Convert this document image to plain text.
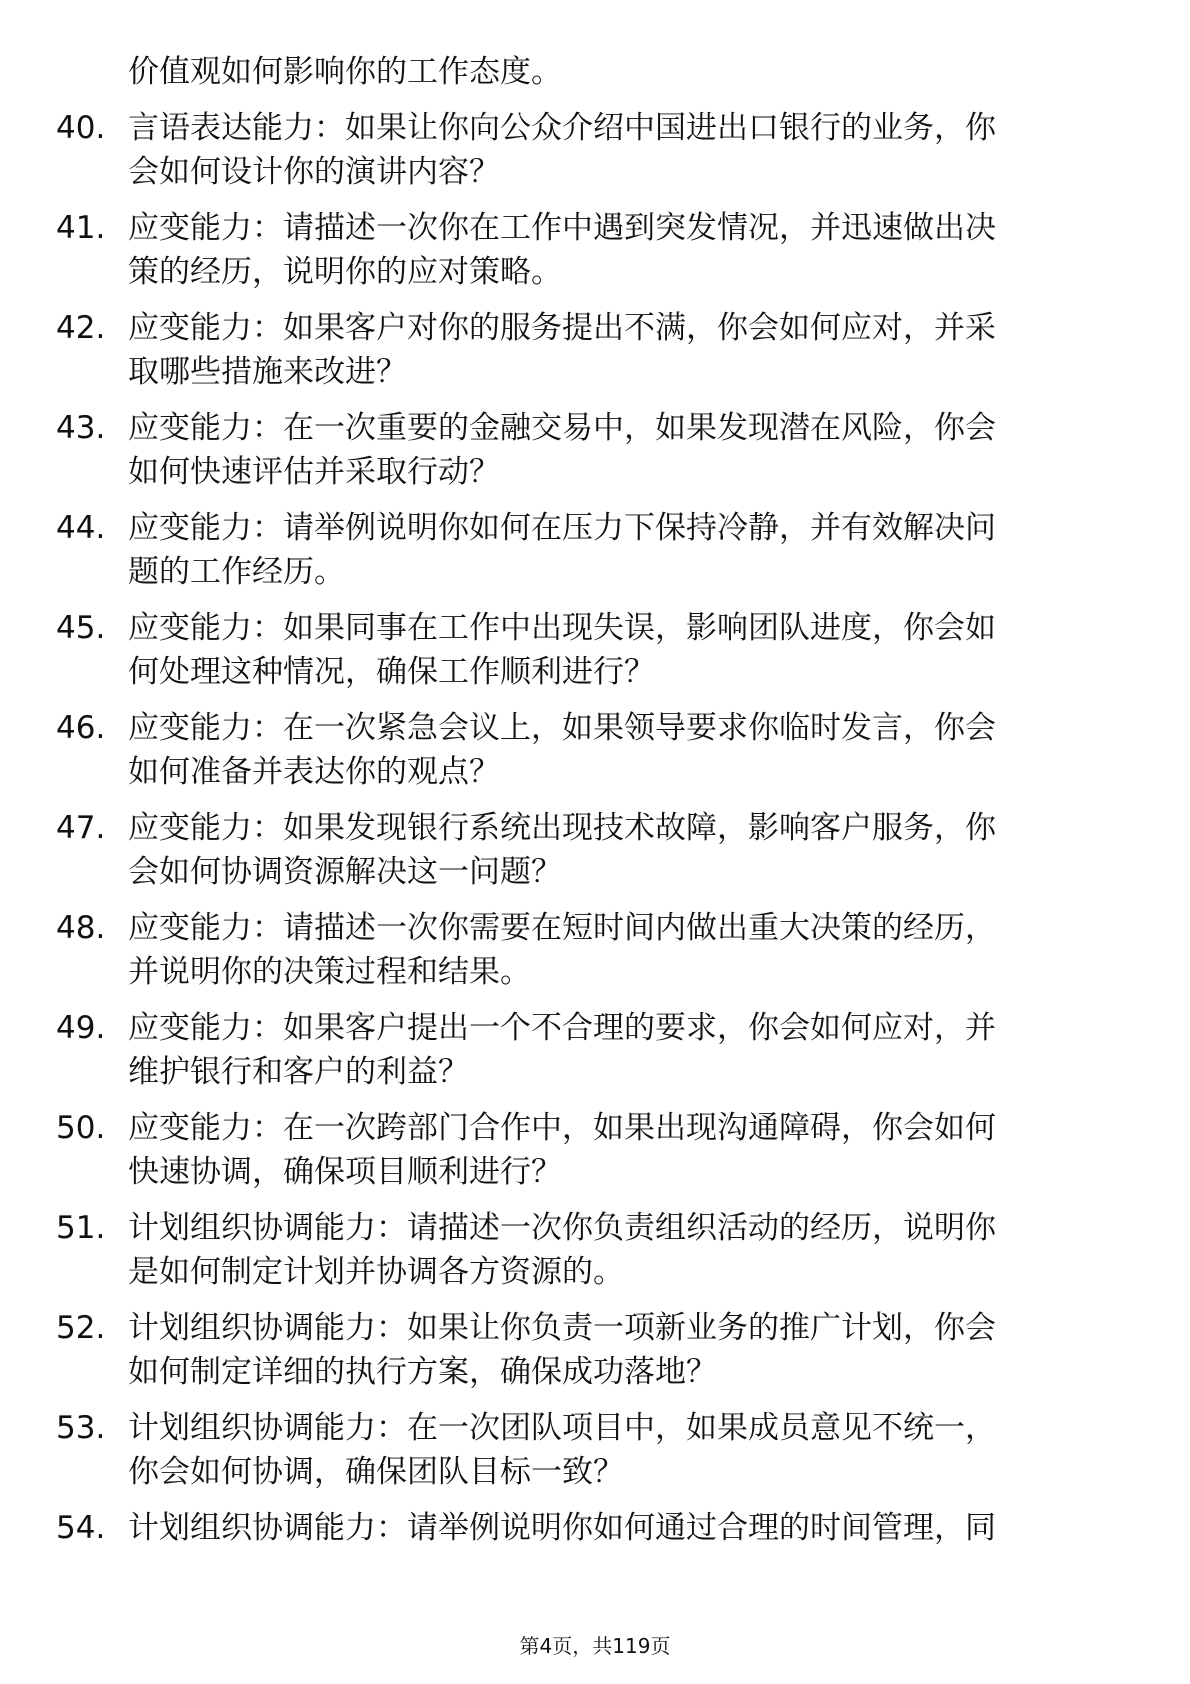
价值观如何影响你的工作态度。
40. 言语表达能力：如果让你向公众介绍中国进出口银行的业务，你
会如何设计你的演讲内容？
41. 应变能力：请描述一次你在工作中遇到突发情况，并迅速做出决
策的经历，说明你的应对策略。
42. 应变能力：如果客户对你的服务提出不满，你会如何应对，并采
取哪些措施来改进？
43. 应变能力：在一次重要的金融交易中，如果发现潜在风险，你会
如何快速评估并采取行动？
44. 应变能力：请举例说明你如何在压力下保持冷静，并有效解决问
题的工作经历。
45. 应变能力：如果同事在工作中出现失误，影响团队进度，你会如
何处理这种情况，确保工作顺利进行？
46. 应变能力：在一次紧急会议上，如果领导要求你临时发言，你会
如何准备并表达你的观点？
47. 应变能力：如果发现银行系统出现技术故障，影响客户服务，你
会如何协调资源解决这一问题？
48. 应变能力：请描述一次你需要在短时间内做出重大决策的经历，
并说明你的决策过程和结果。
49. 应变能力：如果客户提出一个不合理的要求，你会如何应对，并
维护银行和客户的利益？
50. 应变能力：在一次跨部门合作中，如果出现沟通障碍，你会如何
快速协调，确保项目顺利进行？
51. 计划组织协调能力：请描述一次你负责组织活动的经历，说明你
是如何制定计划并协调各方资源的。
52. 计划组织协调能力：如果让你负责一项新业务的推广计划，你会
如何制定详细的执行方案，确保成功落地？
53. 计划组织协调能力：在一次团队项目中，如果成员意见不统一，
你会如何协调，确保团队目标一致？
54. 计划组织协调能力：请举例说明你如何通过合理的时间管理，同
第4页，共119页
